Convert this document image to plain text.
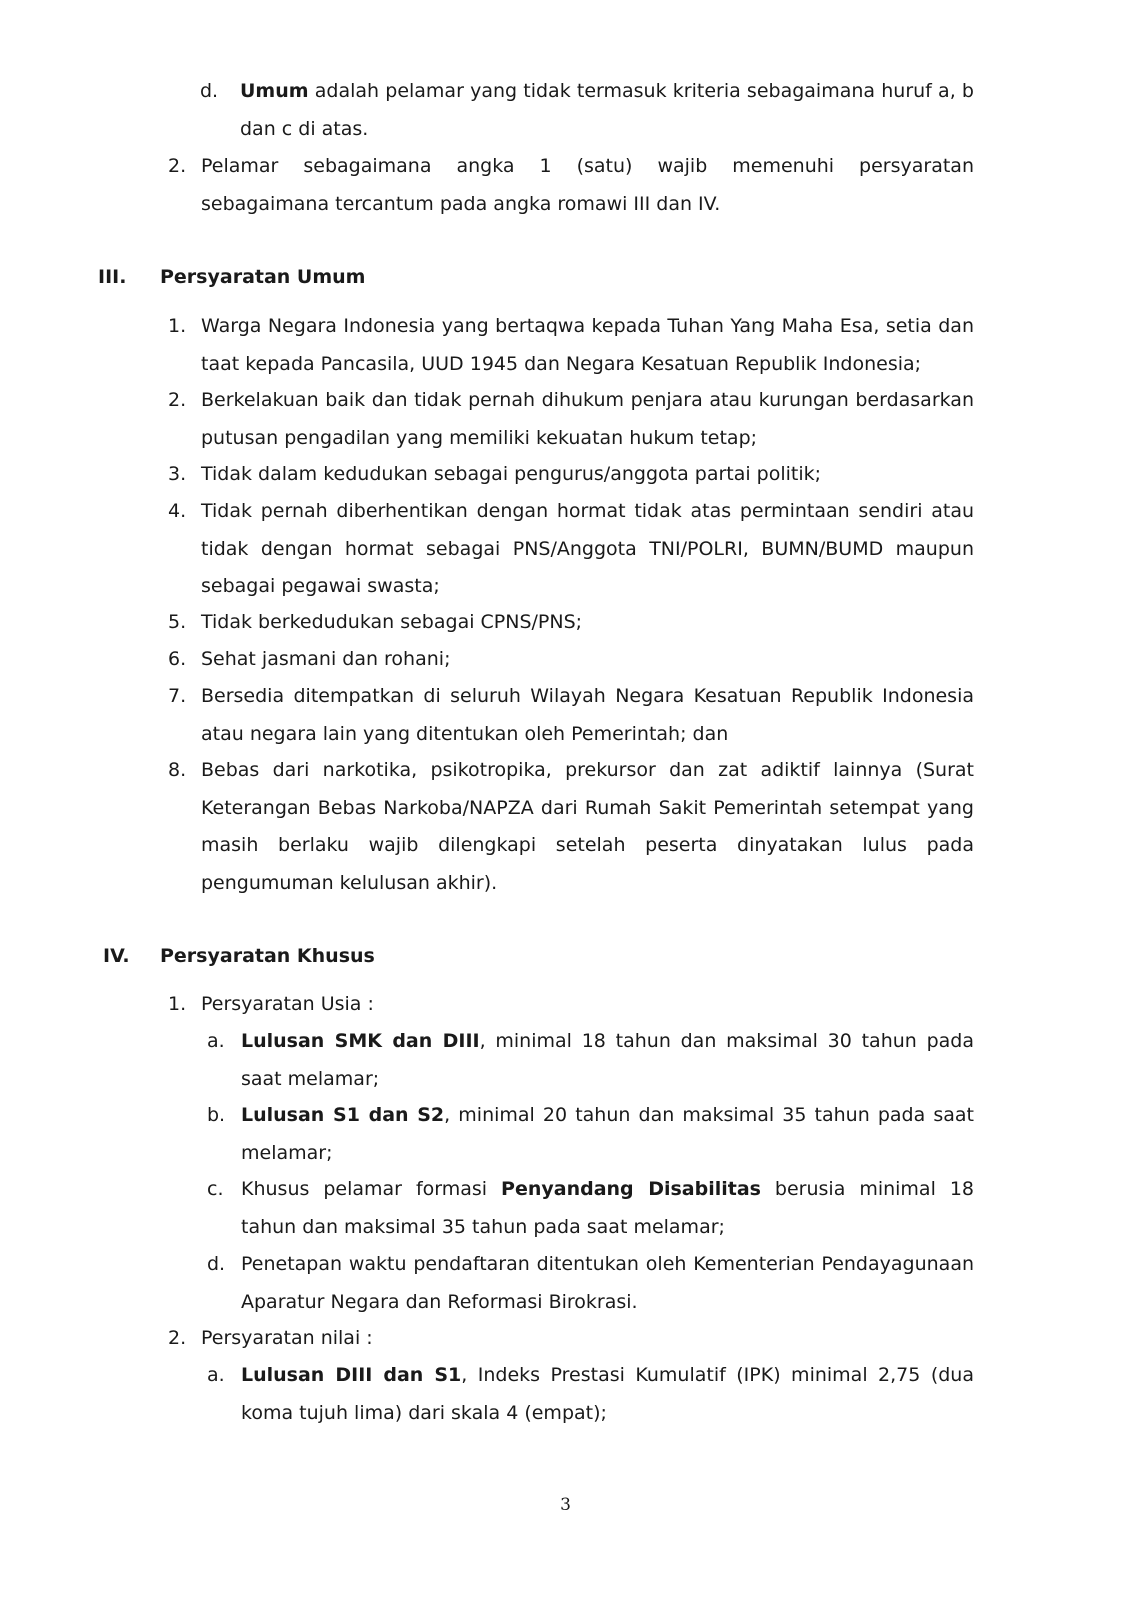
d. Umum adalah pelamar yang tidak termasuk kriteria sebagaimana huruf a, b dan c di atas.
2. Pelamar sebagaimana angka 1 (satu) wajib memenuhi persyaratan sebagaimana tercantum pada angka romawi III dan IV.
III. Persyaratan Umum
1. Warga Negara Indonesia yang bertaqwa kepada Tuhan Yang Maha Esa, setia dan taat kepada Pancasila, UUD 1945 dan Negara Kesatuan Republik Indonesia;
2. Berkelakuan baik dan tidak pernah dihukum penjara atau kurungan berdasarkan putusan pengadilan yang memiliki kekuatan hukum tetap;
3. Tidak dalam kedudukan sebagai pengurus/anggota partai politik;
4. Tidak pernah diberhentikan dengan hormat tidak atas permintaan sendiri atau tidak dengan hormat sebagai PNS/Anggota TNI/POLRI, BUMN/BUMD maupun sebagai pegawai swasta;
5. Tidak berkedudukan sebagai CPNS/PNS;
6. Sehat jasmani dan rohani;
7. Bersedia ditempatkan di seluruh Wilayah Negara Kesatuan Republik Indonesia atau negara lain yang ditentukan oleh Pemerintah; dan
8. Bebas dari narkotika, psikotropika, prekursor dan zat adiktif lainnya (Surat Keterangan Bebas Narkoba/NAPZA dari Rumah Sakit Pemerintah setempat yang masih berlaku wajib dilengkapi setelah peserta dinyatakan lulus pada pengumuman kelulusan akhir).
IV. Persyaratan Khusus
1. Persyaratan Usia :
a. Lulusan SMK dan DIII, minimal 18 tahun dan maksimal 30 tahun pada saat melamar;
b. Lulusan S1 dan S2, minimal 20 tahun dan maksimal 35 tahun pada saat melamar;
c. Khusus pelamar formasi Penyandang Disabilitas berusia minimal 18 tahun dan maksimal 35 tahun pada saat melamar;
d. Penetapan waktu pendaftaran ditentukan oleh Kementerian Pendayagunaan Aparatur Negara dan Reformasi Birokrasi.
2. Persyaratan nilai :
a. Lulusan DIII dan S1, Indeks Prestasi Kumulatif (IPK) minimal 2,75 (dua koma tujuh lima) dari skala 4 (empat);
3
